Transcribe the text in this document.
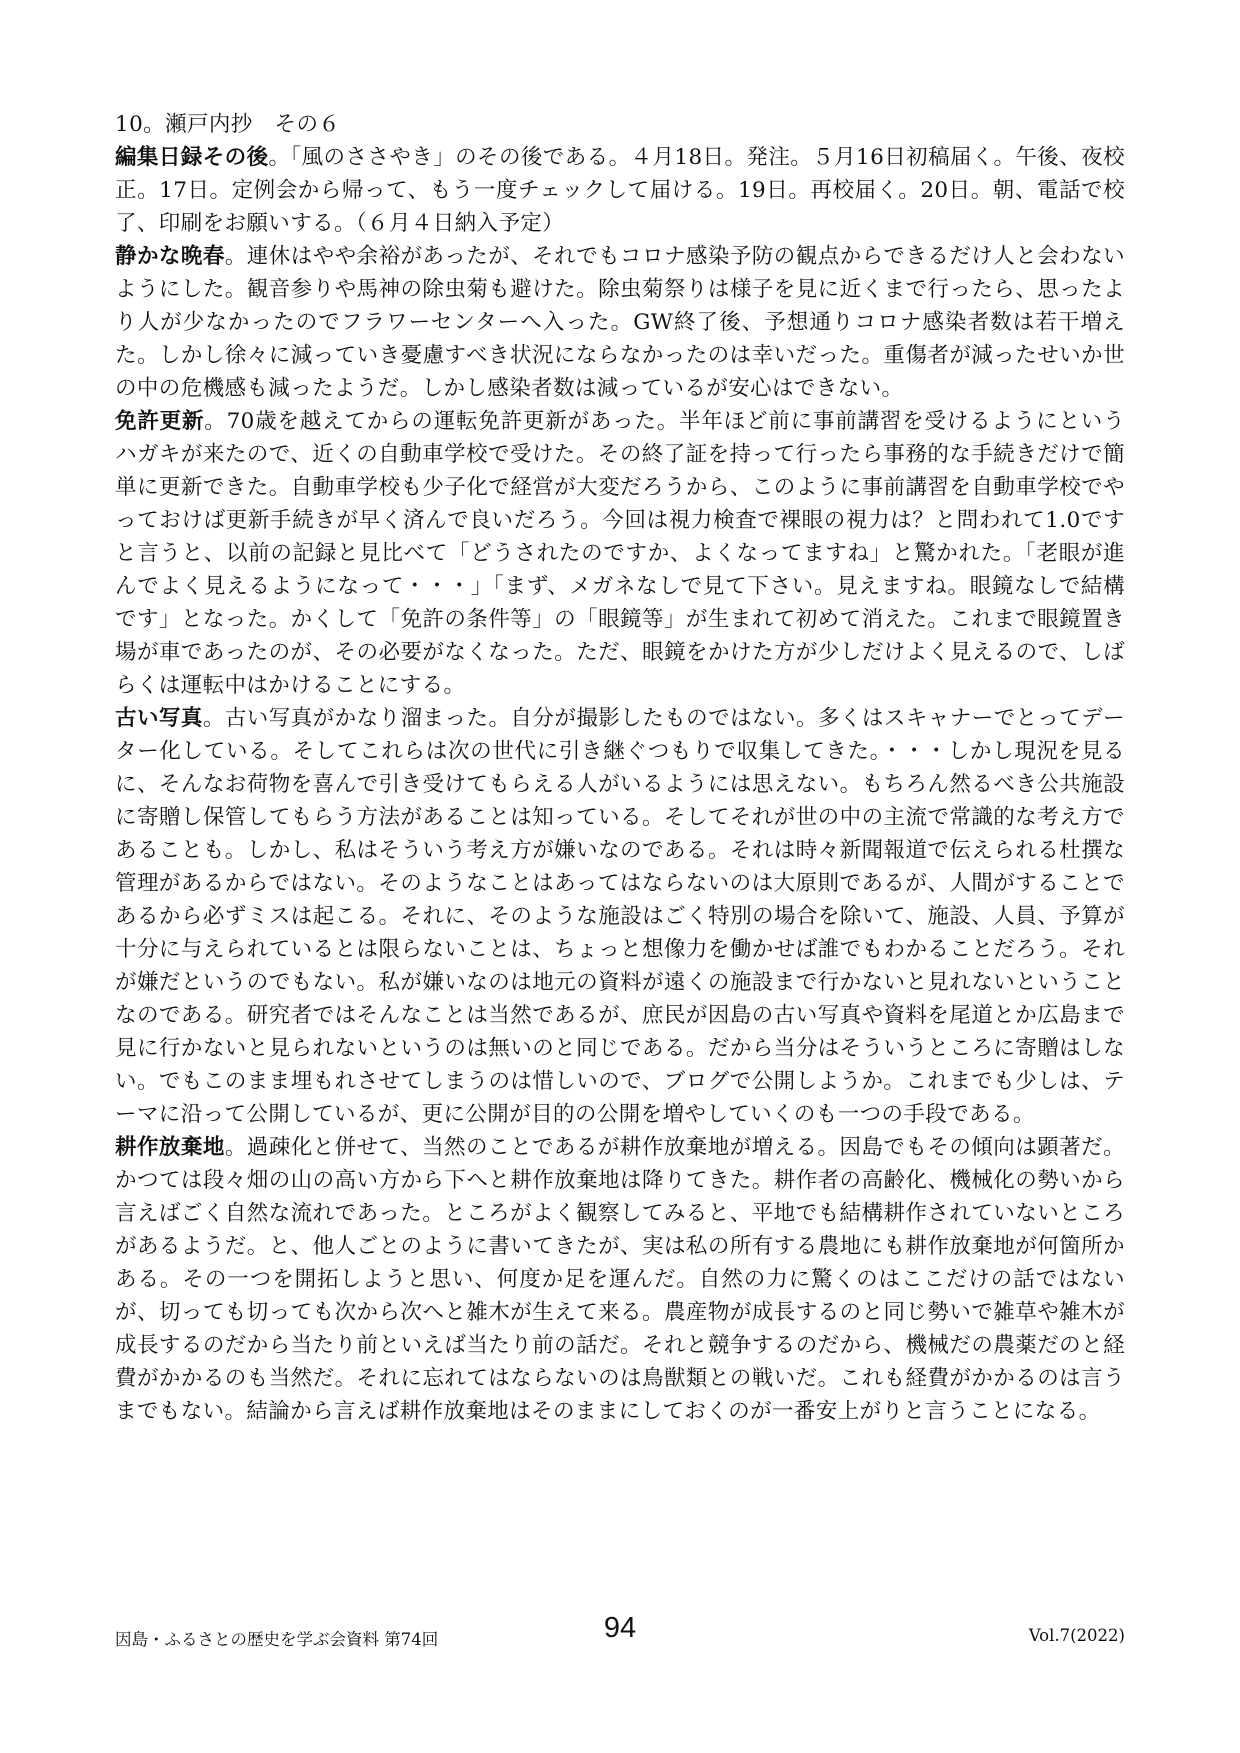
10。瀬戸内抄　その６

編集日録その後。「風のささやき」のその後である。４月18日。発注。５月16日初稿届く。午後、夜校正。17日。定例会から帰って、もう一度チェックして届ける。19日。再校届く。20日。朝、電話で校了、印刷をお願いする。（６月４日納入予定）

静かな晩春。連休はやや余裕があったが、それでもコロナ感染予防の観点からできるだけ人と会わないようにした。観音参りや馬神の除虫菊も避けた。除虫菊祭りは様子を見に近くまで行ったら、思ったより人が少なかったのでフラワーセンターへ入った。GW終了後、予想通りコロナ感染者数は若干増えた。しかし徐々に減っていき憂慮すべき状況にならなかったのは幸いだった。重傷者が減ったせいか世の中の危機感も減ったようだ。しかし感染者数は減っているが安心はできない。

免許更新。70歳を越えてからの運転免許更新があった。半年ほど前に事前講習を受けるようにというハガキが来たので、近くの自動車学校で受けた。その終了証を持って行ったら事務的な手続きだけで簡単に更新できた。自動車学校も少子化で経営が大変だろうから、このように事前講習を自動車学校でやっておけば更新手続きが早く済んで良いだろう。今回は視力検査で裸眼の視力は？と問われて1.0ですと言うと、以前の記録と見比べて「どうされたのですか、よくなってますね」と驚かれた。「老眼が進んでよく見えるようになって・・・」「まず、メガネなしで見て下さい。見えますね。眼鏡なしで結構です」となった。かくして「免許の条件等」の「眼鏡等」が生まれて初めて消えた。これまで眼鏡置き場が車であったのが、その必要がなくなった。ただ、眼鏡をかけた方が少しだけよく見えるので、しばらくは運転中はかけることにする。

古い写真。古い写真がかなり溜まった。自分が撮影したものではない。多くはスキャナーでとってデーター化している。そしてこれらは次の世代に引き継ぐつもりで収集してきた。・・・しかし現況を見るに、そんなお荷物を喜んで引き受けてもらえる人がいるようには思えない。もちろん然るべき公共施設に寄贈し保管してもらう方法があることは知っている。そしてそれが世の中の主流で常識的な考え方であることも。しかし、私はそういう考え方が嫌いなのである。それは時々新聞報道で伝えられる杜撰な管理があるからではない。そのようなことはあってはならないのは大原則であるが、人間がすることであるから必ずミスは起こる。それに、そのような施設はごく特別の場合を除いて、施設、人員、予算が十分に与えられているとは限らないことは、ちょっと想像力を働かせば誰でもわかることだろう。それが嫌だというのでもない。私が嫌いなのは地元の資料が遠くの施設まで行かないと見れないということなのである。研究者ではそんなことは当然であるが、庶民が因島の古い写真や資料を尾道とか広島まで見に行かないと見られないというのは無いのと同じである。だから当分はそういうところに寄贈はしない。でもこのまま埋もれさせてしまうのは惜しいので、ブログで公開しようか。これまでも少しは、テーマに沿って公開しているが、更に公開が目的の公開を増やしていくのも一つの手段である。

耕作放棄地。過疎化と併せて、当然のことであるが耕作放棄地が増える。因島でもその傾向は顕著だ。かつては段々畑の山の高い方から下へと耕作放棄地は降りてきた。耕作者の高齢化、機械化の勢いから言えばごく自然な流れであった。ところがよく観察してみると、平地でも結構耕作されていないところがあるようだ。と、他人ごとのように書いてきたが、実は私の所有する農地にも耕作放棄地が何箇所かある。その一つを開拓しようと思い、何度か足を運んだ。自然の力に驚くのはここだけの話ではないが、切っても切っても次から次へと雑木が生えて来る。農産物が成長するのと同じ勢いで雑草や雑木が成長するのだから当たり前といえば当たり前の話だ。それと競争するのだから、機械だの農薬だのと経費がかかるのも当然だ。それに忘れてはならないのは鳥獣類との戦いだ。これも経費がかかるのは言うまでもない。結論から言えば耕作放棄地はそのままにしておくのが一番安上がりと言うことになる。

因島・ふるさとの歴史を学ぶ会資料 第74回	94	Vol.7(2022)
